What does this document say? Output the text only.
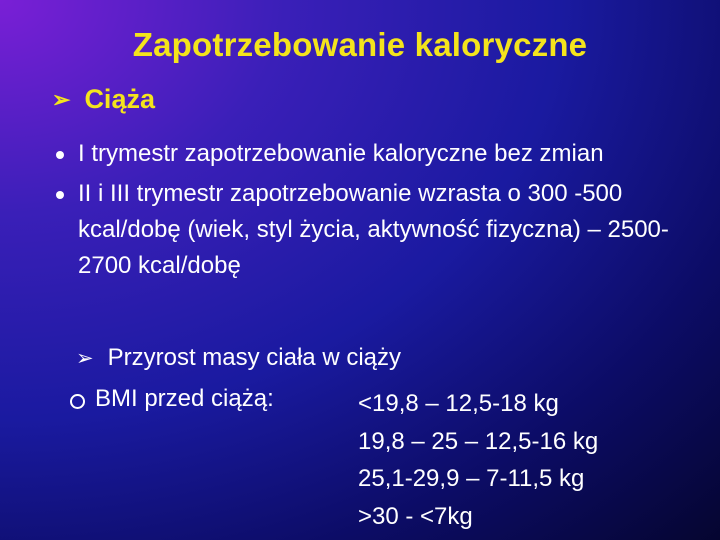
Zapotrzebowanie kaloryczne
➢ Ciąża
I trymestr zapotrzebowanie kaloryczne bez zmian
II i III trymestr zapotrzebowanie wzrasta o 300 -500 kcal/dobę (wiek, styl życia, aktywność fizyczna) – 2500-2700 kcal/dobę
➢ Przyrost masy ciała w ciąży
BMI przed ciążą:	<19,8 – 12,5-18 kg
19,8 – 25 – 12,5-16 kg
25,1-29,9 – 7-11,5 kg
>30 - <7kg
